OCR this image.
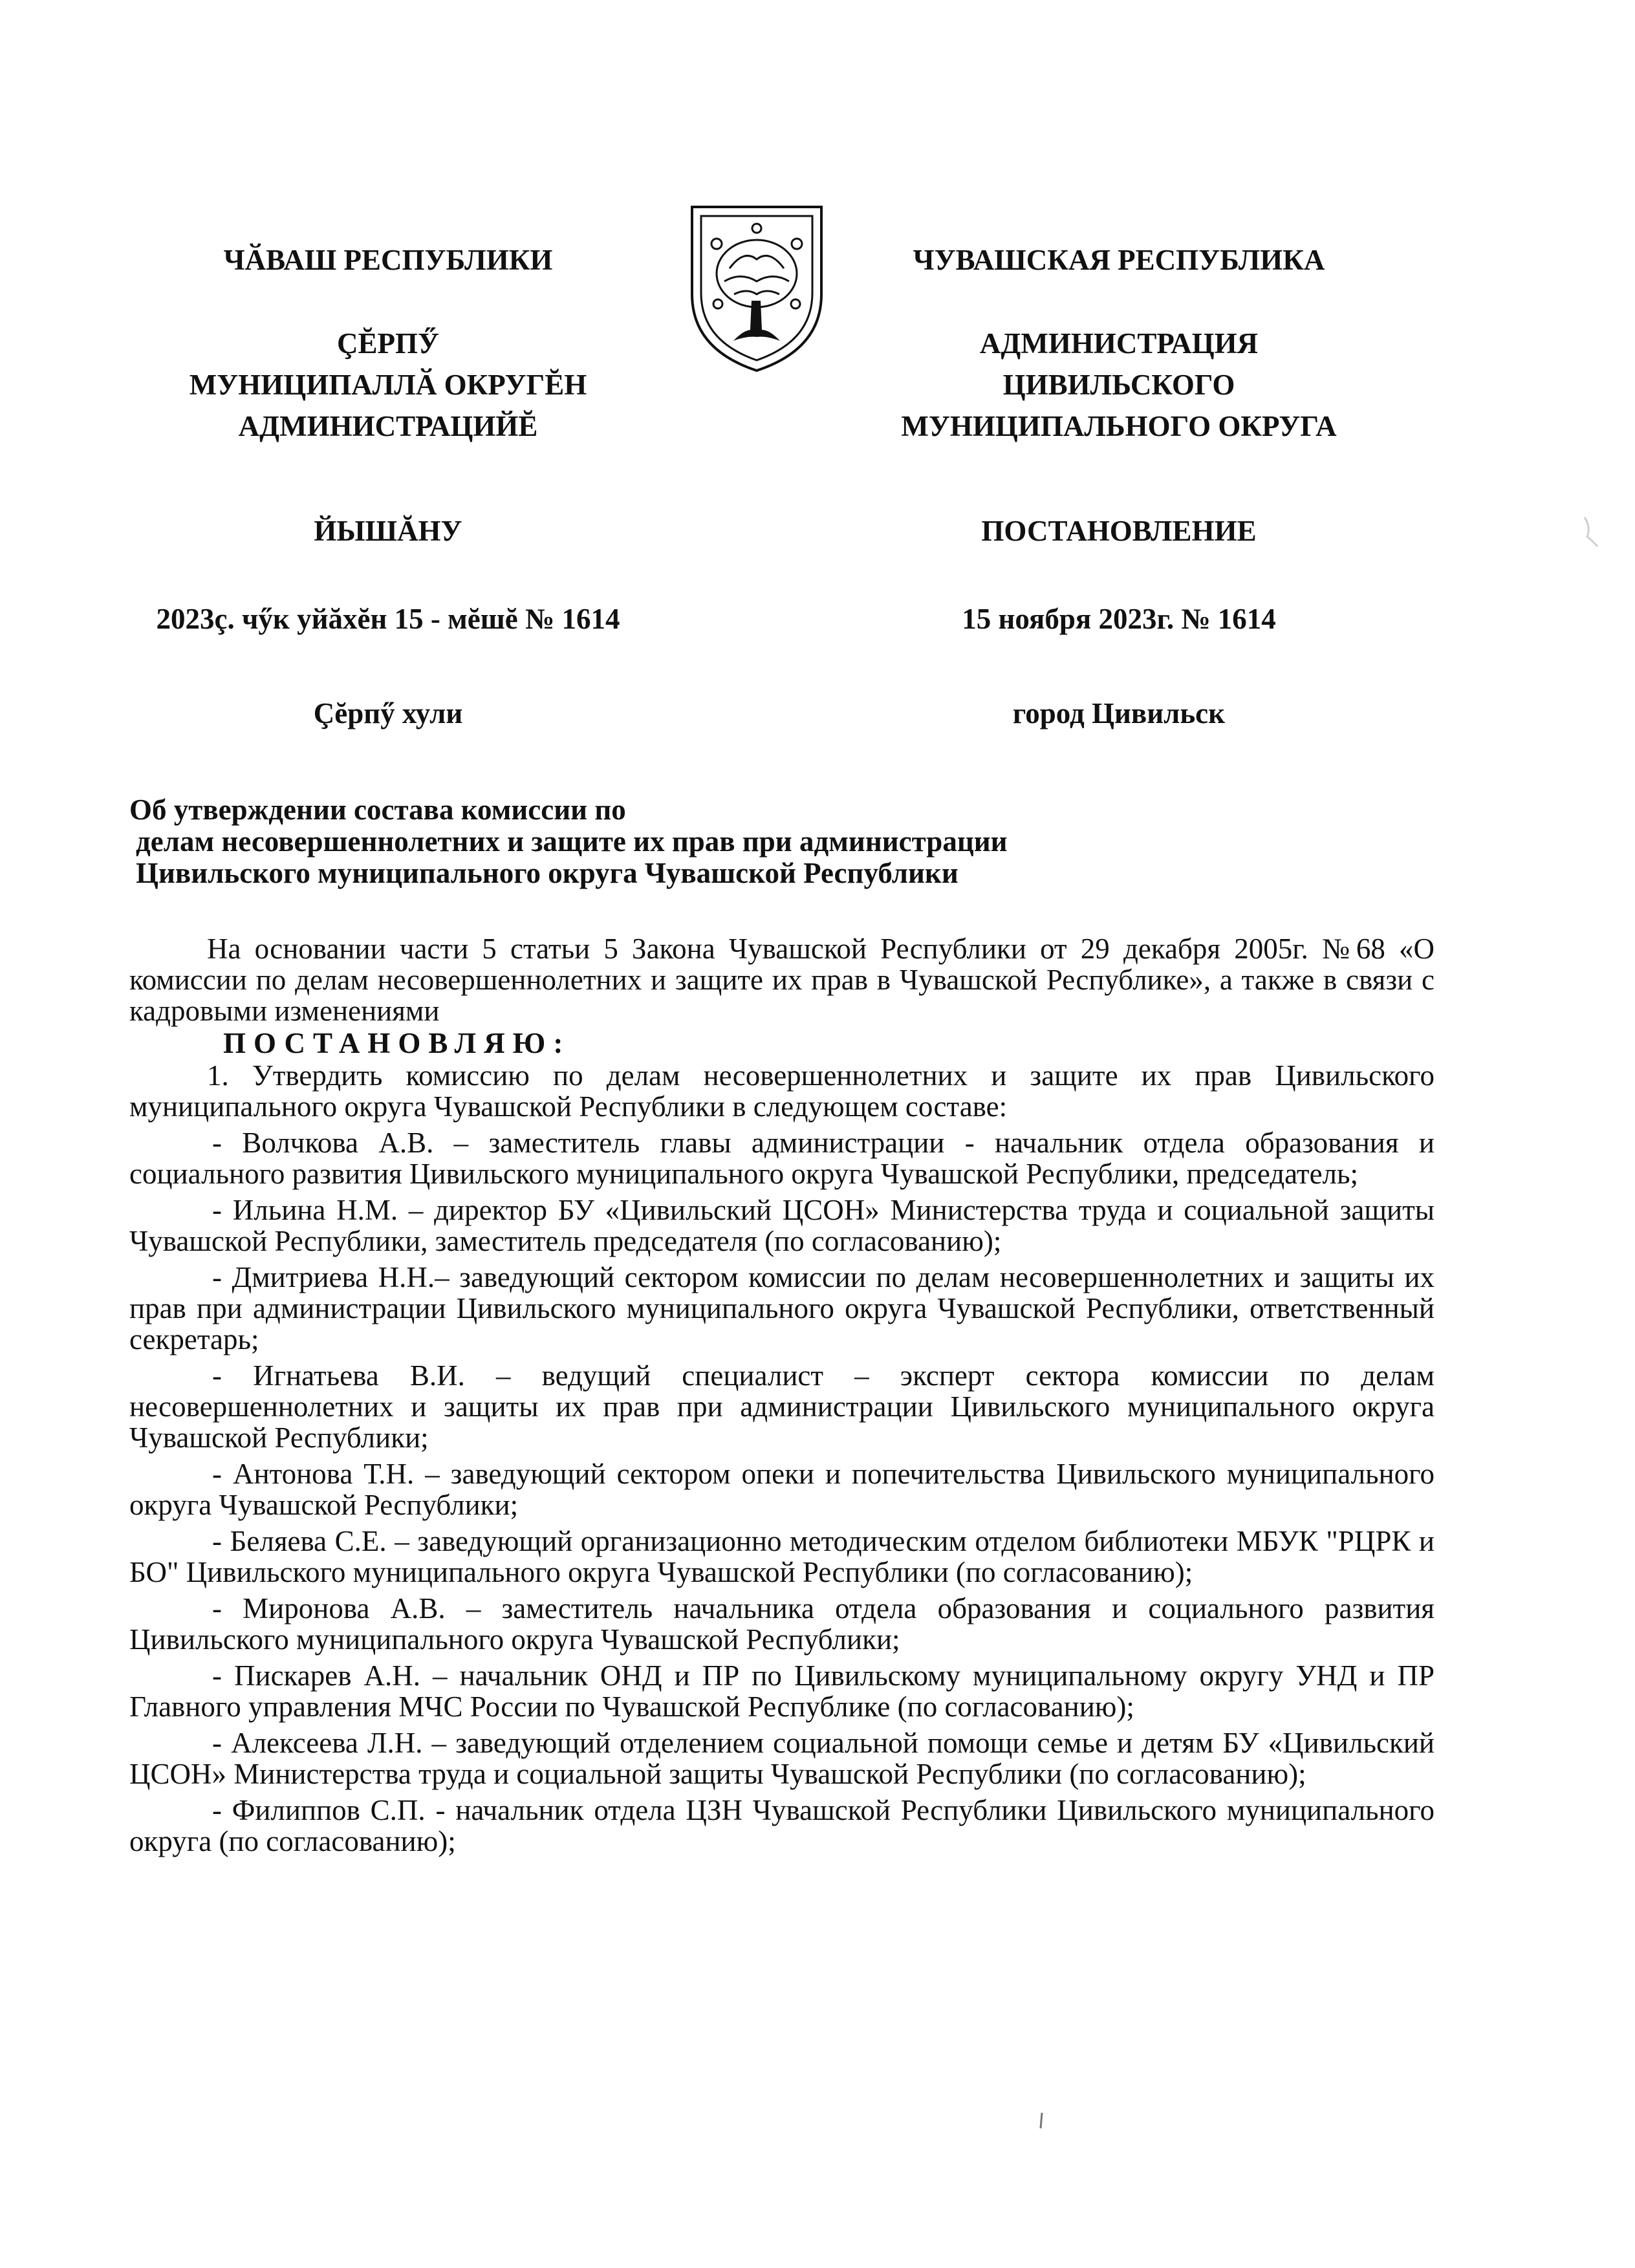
ЧӐВАШ РЕСПУБЛИКИ
ÇĔРПӲ
МУНИЦИПАЛЛӐ ОКРУГĔН
АДМИНИСТРАЦИЙĔ
ЙЫШĂНУ
2023ç. чӳк уйăхĕн 15 - мĕшĕ № 1614
Çĕрпӳ хули
ЧУВАШСКАЯ РЕСПУБЛИКА
АДМИНИСТРАЦИЯ
ЦИВИЛЬСКОГО
МУНИЦИПАЛЬНОГО ОКРУГА
ПОСТАНОВЛЕНИЕ
15 ноября 2023г. № 1614
город Цивильск
Об утверждении состава комиссии по
делам несовершеннолетних и защите их прав при администрации
Цивильского муниципального округа Чувашской Республики

На основании части 5 статьи 5 Закона Чувашской Республики от 29 декабря 2005г. №68 «О комиссии по делам несовершеннолетних и защите их прав в Чувашской Республике», а также в связи с кадровыми изменениями

ПОСТАНОВЛЯЮ:

1. Утвердить комиссию по делам несовершеннолетних и защите их прав Цивильского муниципального округа Чувашской Республики в следующем составе:

- Волчкова А.В. – заместитель главы администрации - начальник отдела образования и социального развития Цивильского муниципального округа Чувашской Республики, председатель;

- Ильина Н.М. – директор БУ «Цивильский ЦСОН» Министерства труда и социальной защиты Чувашской Республики, заместитель председателя (по согласованию);

- Дмитриева Н.Н.– заведующий сектором комиссии по делам несовершеннолетних и защиты их прав при администрации Цивильского муниципального округа Чувашской Республики, ответственный секретарь;

- Игнатьева В.И. – ведущий специалист – эксперт сектора комиссии по делам несовершеннолетних и защиты их прав при администрации Цивильского муниципального округа Чувашской Республики;

- Антонова Т.Н. – заведующий сектором опеки и попечительства Цивильского муниципального округа Чувашской Республики;

- Беляева С.Е. – заведующий организационно методическим отделом библиотеки МБУК "РЦРК и БО" Цивильского муниципального округа Чувашской Республики (по согласованию);

- Миронова А.В. – заместитель начальника отдела образования и социального развития Цивильского муниципального округа Чувашской Республики;

- Пискарев А.Н. – начальник ОНД и ПР по Цивильскому муниципальному округу УНД и ПР Главного управления МЧС России по Чувашской Республике (по согласованию);

- Алексеева Л.Н. – заведующий отделением социальной помощи семье и детям БУ «Цивильский ЦСОН» Министерства труда и социальной защиты Чувашской Республики (по согласованию);

- Филиппов С.П. - начальник отдела ЦЗН Чувашской Республики Цивильского муниципального округа (по согласованию);
